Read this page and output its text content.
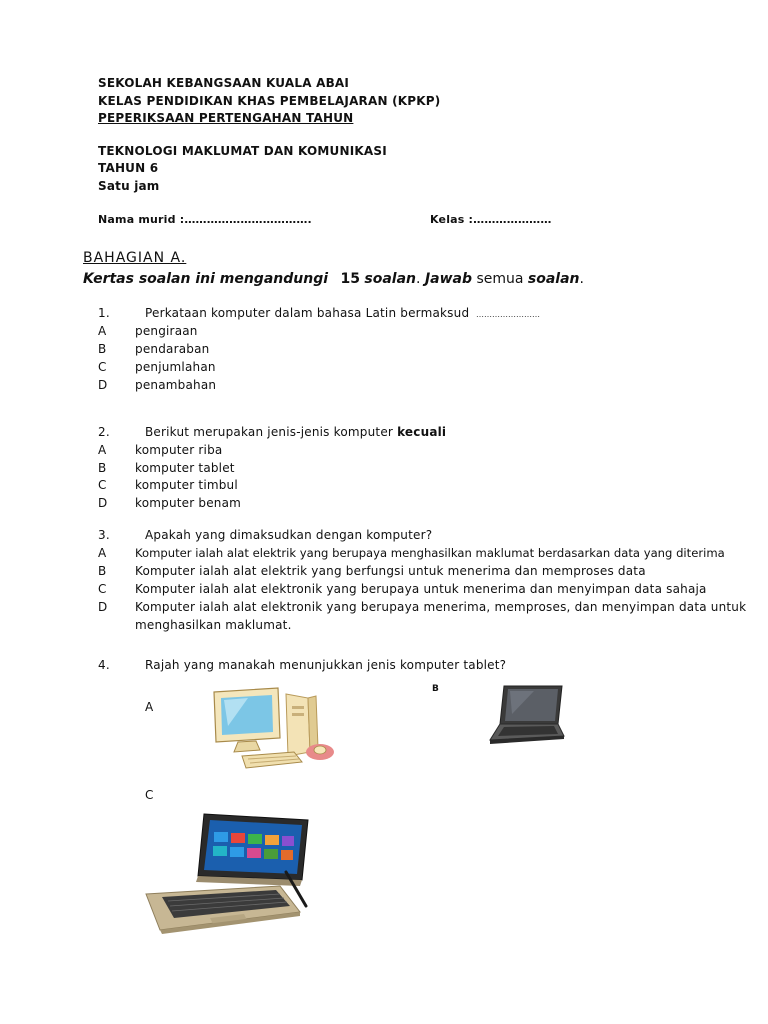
SEKOLAH KEBANGSAAN KUALA ABAI
KELAS PENDIDIKAN KHAS PEMBELAJARAN (KPKP)
PEPERIKSAAN PERTENGAHAN TAHUN
TEKNOLOGI MAKLUMAT DAN KOMUNIKASI
TAHUN 6
Satu jam
Nama murid :…………………………….	Kelas :…………………
BAHAGIAN A.
Kertas soalan ini mengandungi 15 soalan. Jawab semua soalan.
1.	Perkataan komputer dalam bahasa Latin bermaksud ……………………
A pengiraan
B pendaraban
C penjumlahan
D penambahan
2.	Berikut merupakan jenis-jenis komputer kecuali
A komputer riba
B komputer tablet
C komputer timbul
D komputer benam
3.	Apakah yang dimaksudkan dengan komputer?
A Komputer ialah alat elektrik yang berupaya menghasilkan maklumat berdasarkan data yang diterima
B Komputer ialah alat elektrik yang berfungsi untuk menerima dan memproses data
C Komputer ialah alat elektronik yang berupaya untuk menerima dan menyimpan data sahaja
D Komputer ialah alat elektronik yang berupaya menerima, memproses, dan menyimpan data untuk
menghasilkan maklumat.
4.	Rajah yang manakah menunjukkan jenis komputer tablet?
A
B
C
